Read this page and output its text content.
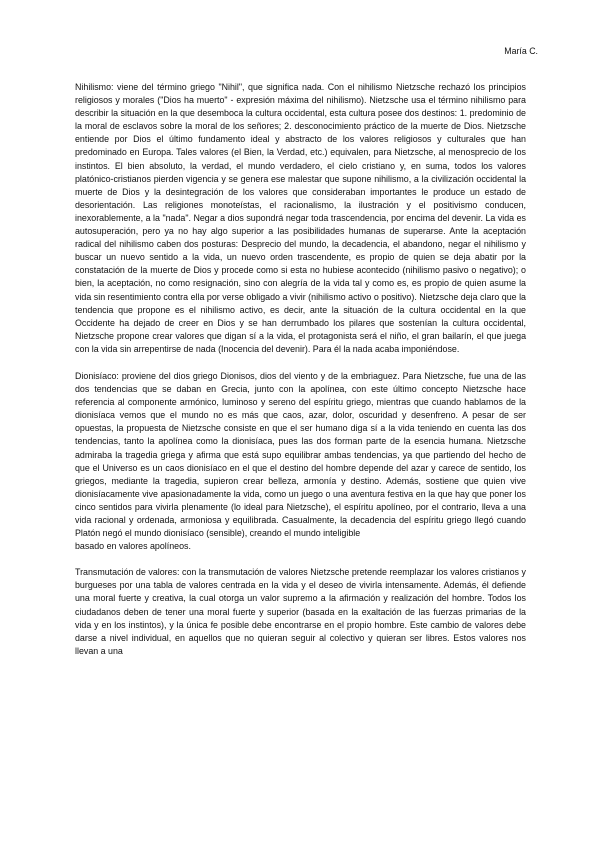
María C.

Nihilismo: viene del término griego "Nihil", que significa nada. Con el nihilismo Nietzsche rechazó los principios religiosos y morales ("Dios ha muerto" - expresión máxima del nihilismo). Nietzsche usa el término nihilismo para describir la situación en la que desemboca la cultura occidental, esta cultura posee dos destinos: 1. predominio de la moral de esclavos sobre la moral de los señores; 2. desconocimiento práctico de la muerte de Dios. Nietzsche entiende por Dios el último fundamento ideal y abstracto de los valores religiosos y culturales que han predominado en Europa. Tales valores (el Bien, la Verdad, etc.) equivalen, para Nietzsche, al menosprecio de los instintos. El bien absoluto, la verdad, el mundo verdadero, el cielo cristiano y, en suma, todos los valores platónico-cristianos pierden vigencia y se genera ese malestar que supone nihilismo, a la civilización occidental la muerte de Dios y la desintegración de los valores que consideraban importantes le produce un estado de desorientación. Las religiones monoteístas, el racionalismo, la ilustración y el positivismo conducen, inexorablemente, a la "nada". Negar a dios supondrá negar toda trascendencia, por encima del devenir. La vida es autosuperación, pero ya no hay algo superior a las posibilidades humanas de superarse. Ante la aceptación radical del nihilismo caben dos posturas: Desprecio del mundo, la decadencia, el abandono, negar el nihilismo y buscar un nuevo sentido a la vida, un nuevo orden trascendente, es propio de quien se deja abatir por la constatación de la muerte de Dios y procede como si esta no hubiese acontecido (nihilismo pasivo o negativo); o bien, la aceptación, no como resignación, sino con alegría de la vida tal y como es, es propio de quien asume la vida sin resentimiento contra ella por verse obligado a vivir (nihilismo activo o positivo). Nietzsche deja claro que la tendencia que propone es el nihilismo activo, es decir, ante la situación de la cultura occidental en la que Occidente ha dejado de creer en Dios y se han derrumbado los pilares que sostenían la cultura occidental, Nietzsche propone crear valores que digan sí a la vida, el protagonista será el niño, el gran bailarín, el que juega con la vida sin arrepentirse de nada (Inocencia del devenir). Para él la nada acaba imponiéndose.

Dionisíaco: proviene del dios griego Dionisos, dios del viento y de la embriaguez. Para Nietzsche, fue una de las dos tendencias que se daban en Grecia, junto con la apolínea, con este último concepto Nietzsche hace referencia al componente armónico, luminoso y sereno del espíritu griego, mientras que cuando hablamos de la dionisíaca vemos que el mundo no es más que caos, azar, dolor, oscuridad y desenfreno. A pesar de ser opuestas, la propuesta de Nietzsche consiste en que el ser humano diga sí a la vida teniendo en cuenta las dos tendencias, tanto la apolínea como la dionisíaca, pues las dos forman parte de la esencia humana. Nietzsche admiraba la tragedia griega y afirma que está supo equilibrar ambas tendencias, ya que partiendo del hecho de que el Universo es un caos dionisíaco en el que el destino del hombre depende del azar y carece de sentido, los griegos, mediante la tragedia, supieron crear belleza, armonía y destino. Además, sostiene que quien vive dionisíacamente vive apasionadamente la vida, como un juego o una aventura festiva en la que hay que poner los cinco sentidos para vivirla plenamente (lo ideal para Nietzsche), el espíritu apolíneo, por el contrario, lleva a una vida racional y ordenada, armoniosa y equilibrada. Casualmente, la decadencia del espíritu griego llegó cuando Platón negó el mundo dionisíaco (sensible), creando el mundo inteligible
basado en valores apolíneos.

Transmutación de valores: con la transmutación de valores Nietzsche pretende reemplazar los valores cristianos y burgueses por una tabla de valores centrada en la vida y el deseo de vivirla intensamente. Además, él defiende una moral fuerte y creativa, la cual otorga un valor supremo a la afirmación y realización del hombre. Todos los ciudadanos deben de tener una moral fuerte y superior (basada en la exaltación de las fuerzas primarias de la vida y en los instintos), y la única fe posible debe encontrarse en el propio hombre. Este cambio de valores debe darse a nivel individual, en aquellos que no quieran seguir al colectivo y quieran ser libres. Estos valores nos llevan a una
